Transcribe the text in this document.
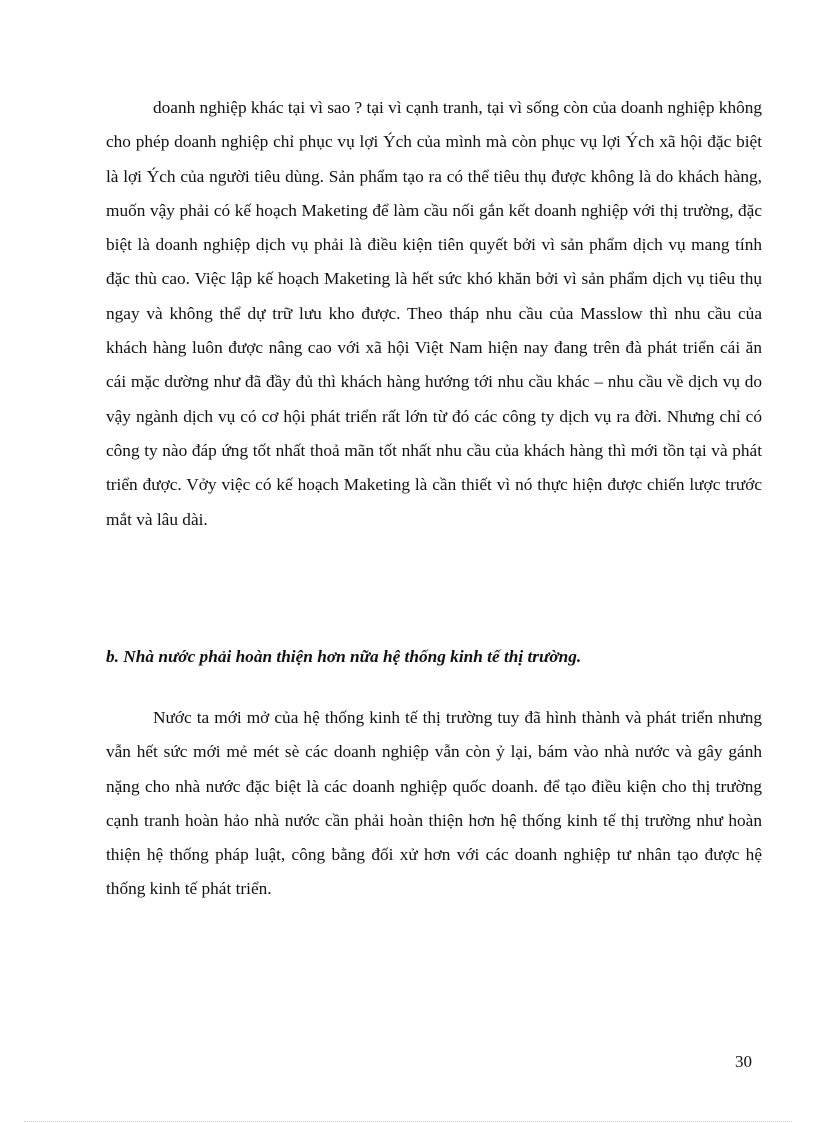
doanh nghiệp khác tại vì sao ? tại vì cạnh tranh, tại vì sống còn của doanh nghiệp không cho phép doanh nghiệp chỉ phục vụ lợi Ých của mình mà còn phục vụ lợi Ých xã hội đặc biệt là lợi Ých của người tiêu dùng. Sản phẩm tạo ra có thể tiêu thụ được không là do khách hàng, muốn vậy phải có kế hoạch Maketing để làm cầu nối gắn kết doanh nghiệp với thị trường, đặc biệt là doanh nghiệp dịch vụ phải là điều kiện tiên quyết bởi vì sản phẩm dịch vụ mang tính đặc thù cao. Việc lập kế hoạch Maketing là hết sức khó khăn bởi vì sản phẩm dịch vụ tiêu thụ ngay và không thể dự trữ lưu kho được. Theo tháp nhu cầu của Masslow thì nhu cầu của khách hàng luôn được nâng cao với xã hội Việt Nam hiện nay đang trên đà phát triển cái ăn cái mặc dường như đã đầy đủ thì khách hàng hướng tới nhu cầu khác – nhu cầu về dịch vụ do vậy ngành dịch vụ có cơ hội phát triển rất lớn từ đó các công ty dịch vụ ra đời. Nhưng chỉ có công ty nào đáp ứng tốt nhất thoả mãn tốt nhất nhu cầu của khách hàng thì mới tồn tại và phát triển được. Vởy việc có kế hoạch Maketing là cần thiết vì nó thực hiện được chiến lược trước mắt và lâu dài.

b. Nhà nước phải hoàn thiện hơn nữa hệ thống kinh tế thị trường.

Nước ta mới mở của hệ thống kinh tế thị trường tuy đã hình thành và phát triển nhưng vẫn hết sức mới mẻ mét sè các doanh nghiệp vẫn còn ỷ lại, bám vào nhà nước và gây gánh nặng cho nhà nước đặc biệt là các doanh nghiệp quốc doanh. để tạo điều kiện cho thị trường cạnh tranh hoàn hảo nhà nước cần phải hoàn thiện hơn hệ thống kinh tế thị trường như hoàn thiện hệ thống pháp luật, công bằng đối xử hơn với các doanh nghiệp tư nhân tạo được hệ thống kinh tế phát triển.

30
